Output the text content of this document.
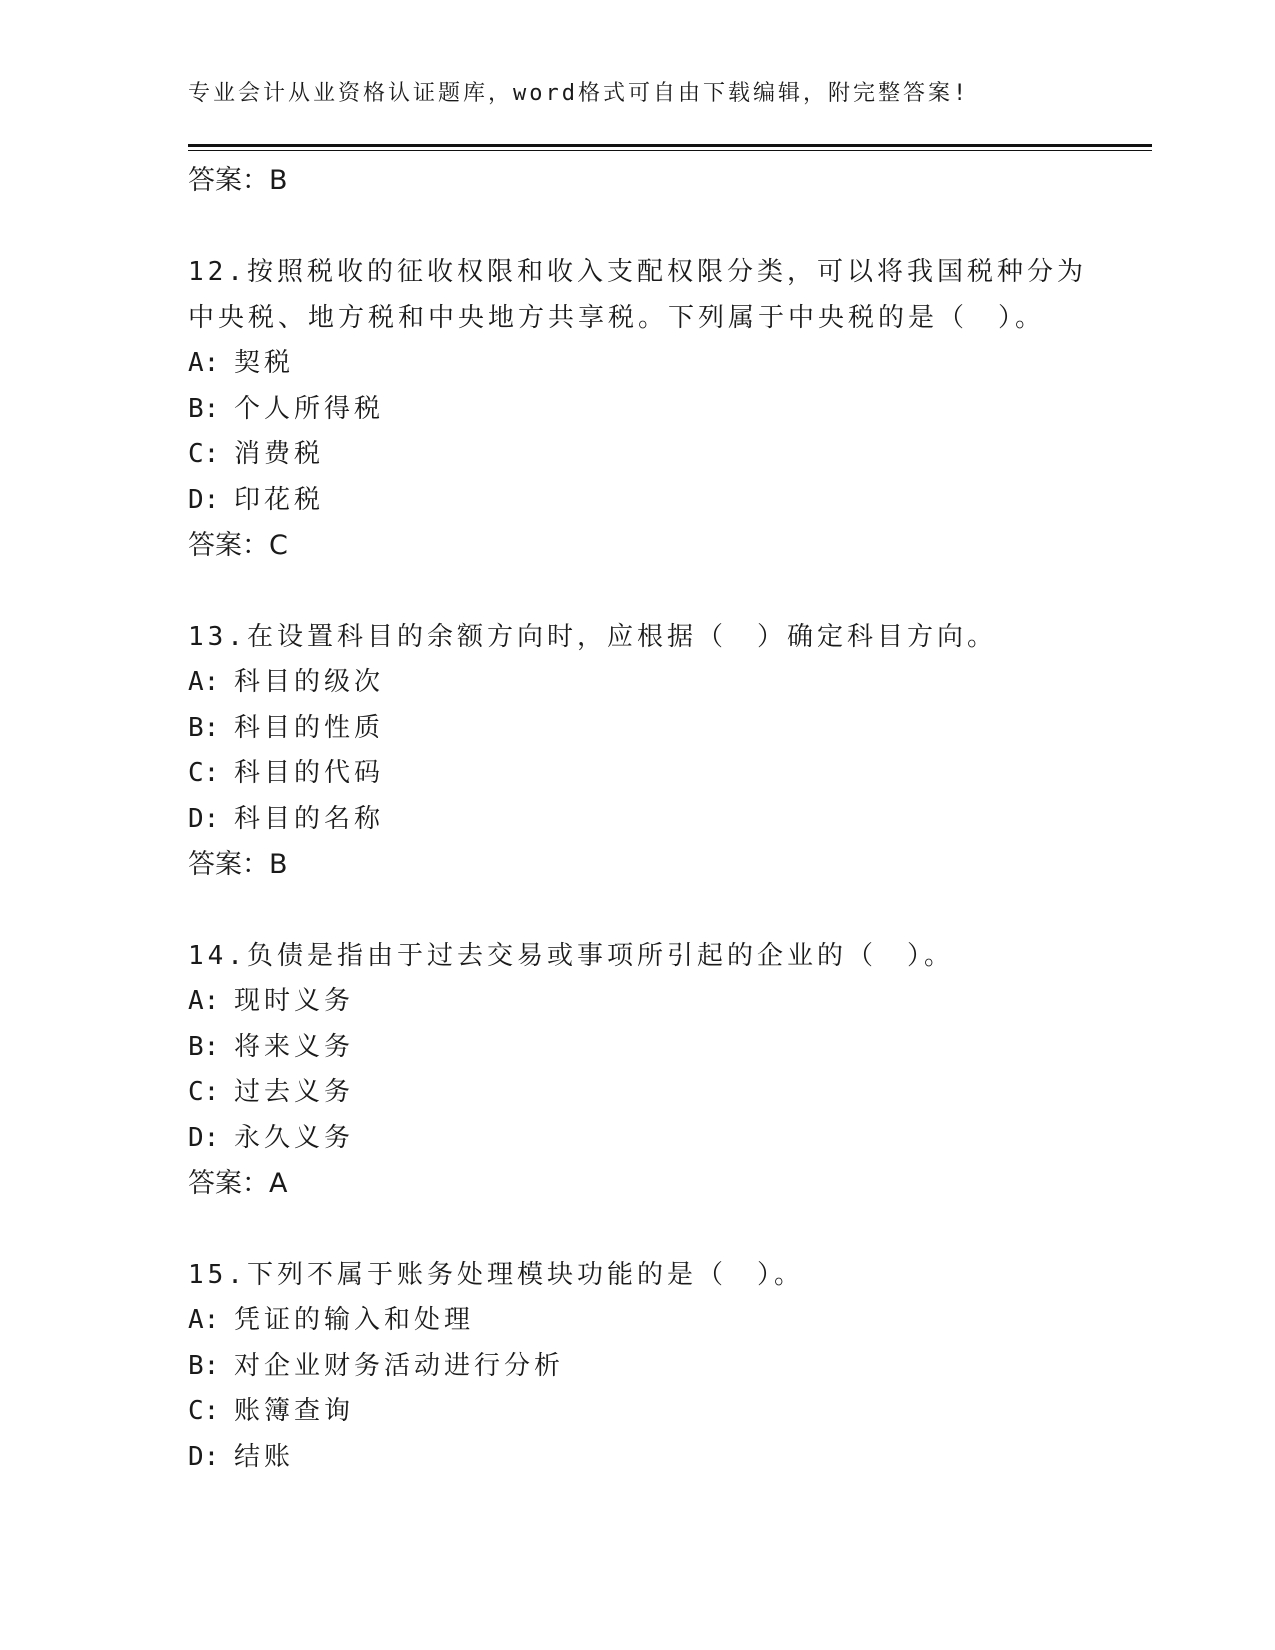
专业会计从业资格认证题库，word格式可自由下载编辑，附完整答案!
答案：B
12.按照税收的征收权限和收入支配权限分类，可以将我国税种分为中央税、地方税和中央地方共享税。下列属于中央税的是（　）。
A: 契税
B: 个人所得税
C: 消费税
D: 印花税
答案：C
13.在设置科目的余额方向时，应根据（　）确定科目方向。
A: 科目的级次
B: 科目的性质
C: 科目的代码
D: 科目的名称
答案：B
14.负债是指由于过去交易或事项所引起的企业的（　）。
A: 现时义务
B: 将来义务
C: 过去义务
D: 永久义务
答案：A
15.下列不属于账务处理模块功能的是（　）。
A: 凭证的输入和处理
B: 对企业财务活动进行分析
C: 账簿查询
D: 结账
